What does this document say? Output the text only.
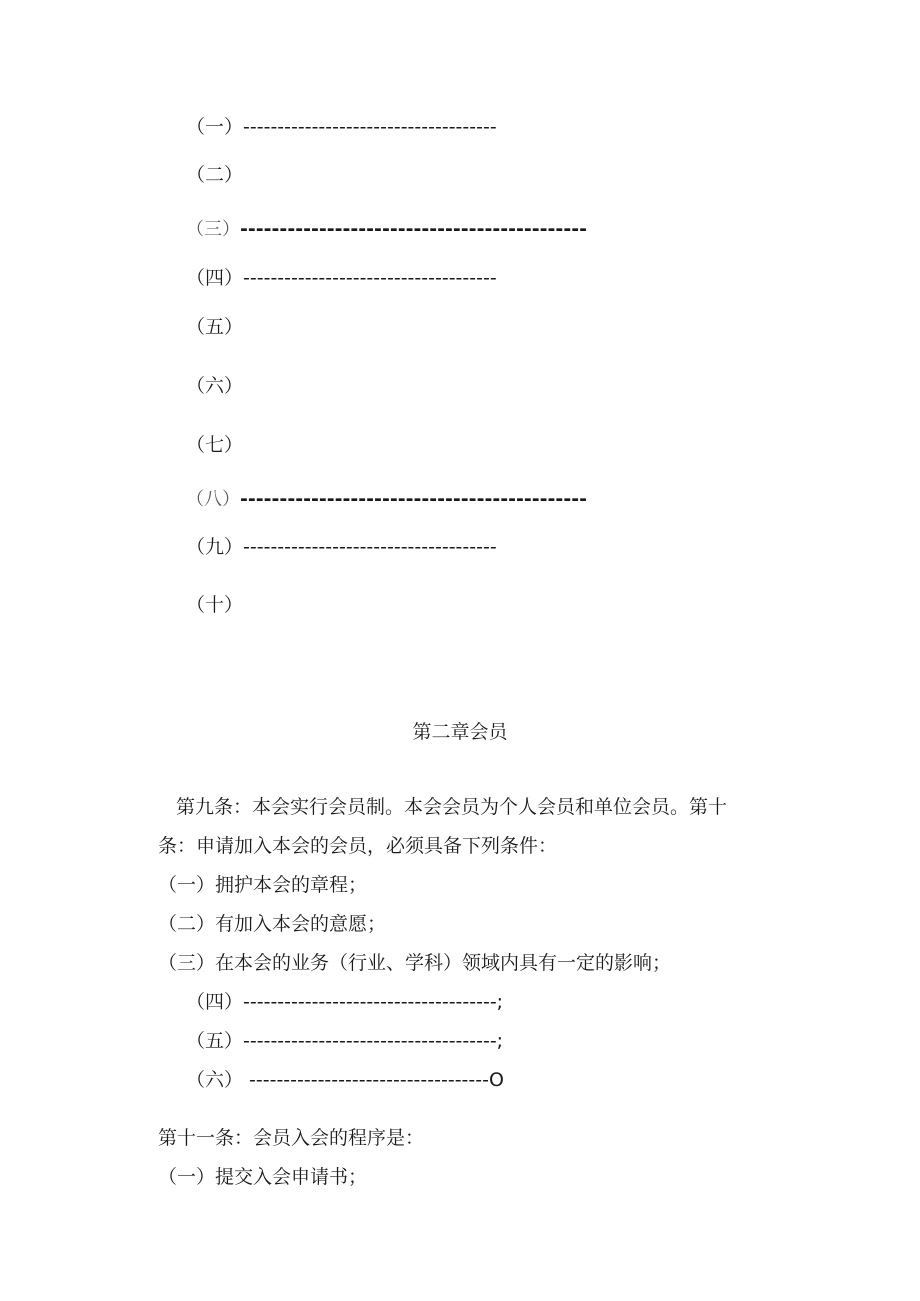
（一）-------------------------------------
（二）
（三）--------------------------------------------
（四）-------------------------------------
（五）
（六）
（七）
（八）--------------------------------------------
（九）-------------------------------------
（十）
第二章会员
第九条：本会实行会员制。本会会员为个人会员和单位会员。第十
条：申请加入本会的会员，必须具备下列条件：
（一）拥护本会的章程；
（二）有加入本会的意愿；
（三）在本会的业务（行业、学科）领域内具有一定的影响；
（四）-------------------------------------;
（五）-------------------------------------;
（六） -----------------------------------O
第十一条：会员入会的程序是：
（一）提交入会申请书；
